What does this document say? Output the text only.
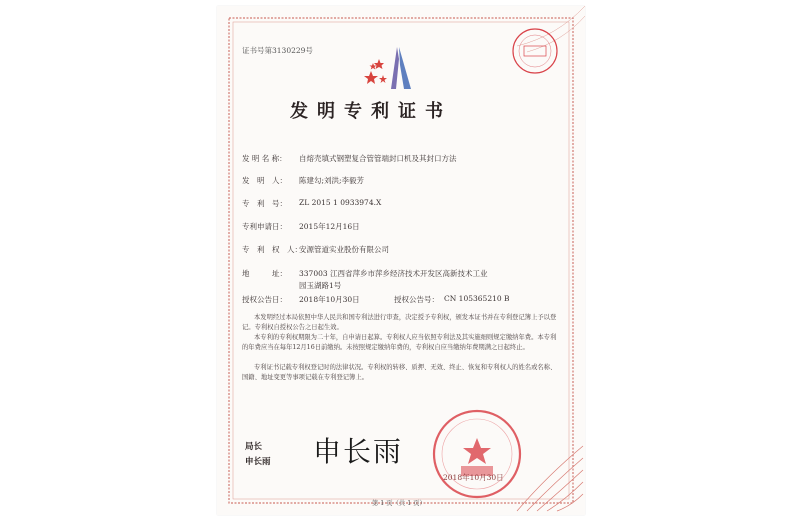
证书号第3130229号
发明专利证书
发 明 名 称： 自熔壳填式钢塑复合管管端封口机及其封口方法
发　明　人： 陈建勾;刘洪;李毅芳
专　利　号： ZL 2015 1 0933974.X
专利申请日： 2015年12月16日
专　利　权　人：
安源管道实业股份有限公司
地　　　址： 337003 江西省萍乡市萍乡经济技术开发区高新技术工业
园玉湖路1号
授权公告日： 2018年10月30日	授权公告号： CN 105365210 B
本发明经过本局依照中华人民共和国专利法进行审查，决定授予专利权，颁发本证书并在专利登记簿上予以登记。专利权自授权公告之日起生效。
本专利的专利权期限为二十年，自申请日起算。专利权人应当依照专利法及其实施细则规定缴纳年费。本专利的年费应当在每年12月16日前缴纳。未按照规定缴纳年费的，专利权自应当缴纳年费期满之日起终止。
专利证书记载专利权登记时的法律状况。专利权的转移、质押、无效、终止、恢复和专利权人的姓名或名称、国籍、地址变更等事项记载在专利登记簿上。
局长
申长雨 申长雨
2018年10月30日
第 1 页（共 1 页）
